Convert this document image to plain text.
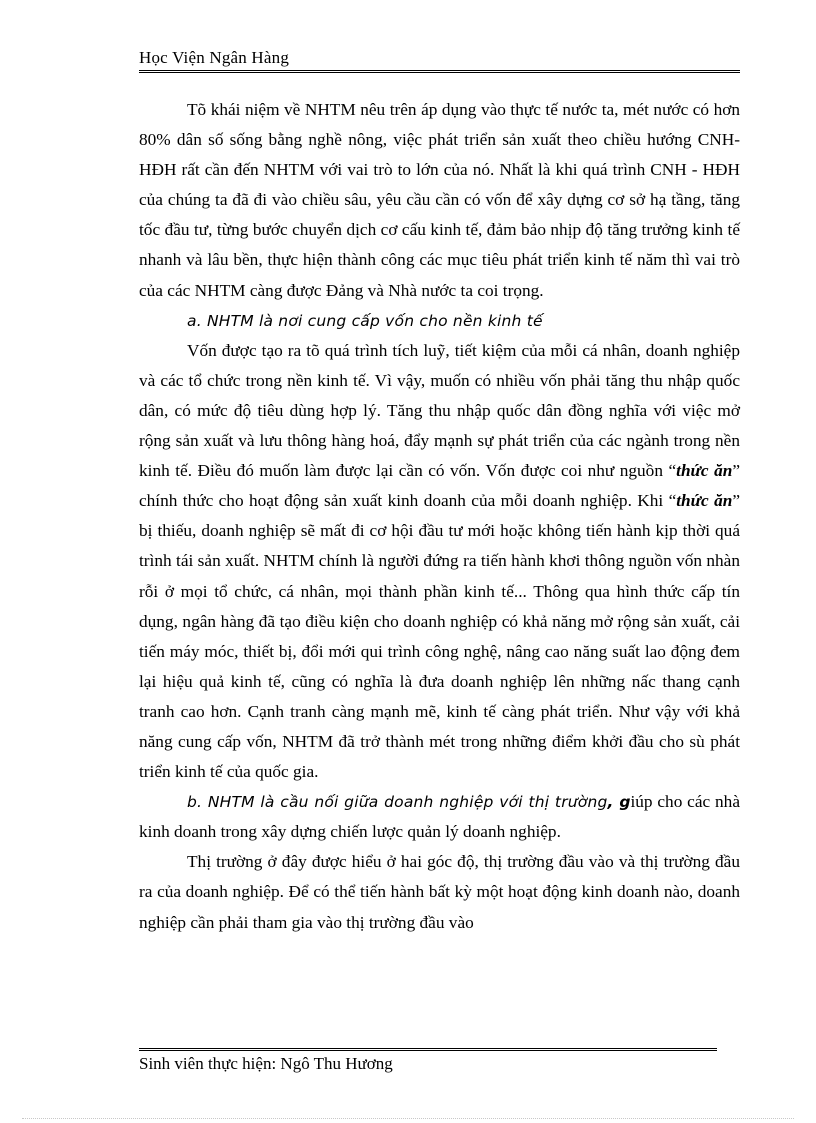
Học Viện Ngân Hàng

Tõ khái niệm về NHTM nêu trên áp dụng vào thực tế nước ta, mét nước có hơn 80% dân số sống bằng nghề nông, việc phát triển sản xuất theo chiều hướng CNH- HĐH rất cần đến NHTM với vai trò to lớn của nó. Nhất là khi quá trình CNH - HĐH của chúng ta đã đi vào chiều sâu, yêu cầu cần có vốn để xây dựng cơ sở hạ tầng, tăng tốc đầu tư, từng bước chuyển dịch cơ cấu kinh tế, đảm bảo nhịp độ tăng trưởng kinh tế nhanh và lâu bền, thực hiện thành công các mục tiêu phát triển kinh tế năm thì vai trò của các NHTM càng được Đảng và Nhà nước ta coi trọng.

a. NHTM là nơi cung cấp vốn cho nền kinh tế

Vốn được tạo ra tõ quá trình tích luỹ, tiết kiệm của mỗi cá nhân, doanh nghiệp và các tổ chức trong nền kinh tế. Vì vậy, muốn có nhiều vốn phải tăng thu nhập quốc dân, có mức độ tiêu dùng hợp lý. Tăng thu nhập quốc dân đồng nghĩa với việc mở rộng sản xuất và lưu thông hàng hoá, đẩy mạnh sự phát triển của các ngành trong nền kinh tế. Điều đó muốn làm được lại cần có vốn. Vốn được coi như nguồn “thức ăn” chính thức cho hoạt động sản xuất kinh doanh của mỗi doanh nghiệp. Khi “thức ăn” bị thiếu, doanh nghiệp sẽ mất đi cơ hội đầu tư mới hoặc không tiến hành kịp thời quá trình tái sản xuất. NHTM chính là người đứng ra tiến hành khơi thông nguồn vốn nhàn rỗi ở mọi tổ chức, cá nhân, mọi thành phần kinh tế... Thông qua hình thức cấp tín dụng, ngân hàng đã tạo điều kiện cho doanh nghiệp có khả năng mở rộng sản xuất, cải tiến máy móc, thiết bị, đổi mới qui trình công nghệ, nâng cao năng suất lao động đem lại hiệu quả kinh tế, cũng có nghĩa là đưa doanh nghiệp lên những nấc thang cạnh tranh cao hơn. Cạnh tranh càng mạnh mẽ, kinh tế càng phát triển. Như vậy với khả năng cung cấp vốn, NHTM đã trở thành mét trong những điểm khởi đầu cho sù phát triển kinh tế của quốc gia.

b. NHTM là cầu nối giữa doanh nghiệp với thị trường, giúp cho các nhà kinh doanh trong xây dựng chiến lược quản lý doanh nghiệp.

Thị trường ở đây được hiểu ở hai góc độ, thị trường đầu vào và thị trường đầu ra của doanh nghiệp. Để có thể tiến hành bất kỳ một hoạt động kinh doanh nào, doanh nghiệp cần phải tham gia vào thị trường đầu vào

Sinh viên thực hiện: Ngô Thu Hương
